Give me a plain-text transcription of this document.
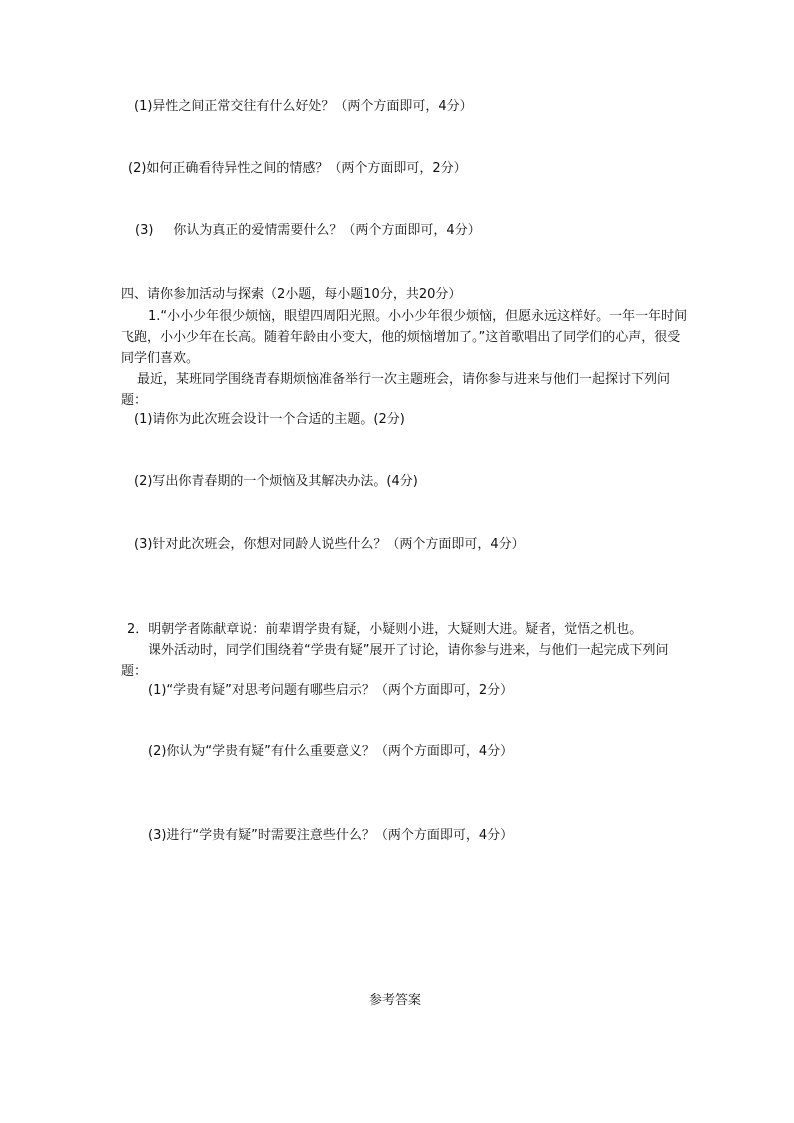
(1)异性之间正常交往有什么好处？（两个方面即可，4分）
(2)如何正确看待异性之间的情感？（两个方面即可，2分）
(3) 你认为真正的爱情需要什么？（两个方面即可，4分）
四、请你参加活动与探索（2小题，每小题10分，共20分）
1.“小小少年很少烦恼，眼望四周阳光照。小小少年很少烦恼，但愿永远这样好。一年一年时间飞跑，小小少年在长高。随着年龄由小变大，他的烦恼增加了。”这首歌唱出了同学们的心声，很受同学们喜欢。
最近，某班同学围绕青春期烦恼准备举行一次主题班会，请你参与进来与他们一起探讨下列问题：
(1)请你为此次班会设计一个合适的主题。(2分)
(2)写出你青春期的一个烦恼及其解决办法。(4分)
(3)针对此次班会，你想对同龄人说些什么？（两个方面即可，4分）
2．明朝学者陈献章说：前辈谓学贵有疑，小疑则小进，大疑则大进。疑者，觉悟之机也。
课外活动时，同学们围绕着“学贵有疑”展开了讨论，请你参与进来，与他们一起完成下列问题：
(1)“学贵有疑”对思考问题有哪些启示？（两个方面即可，2分）
(2)你认为“学贵有疑”有什么重要意义？（两个方面即可，4分）
(3)进行“学贵有疑”时需要注意些什么？（两个方面即可，4分）
参考答案
